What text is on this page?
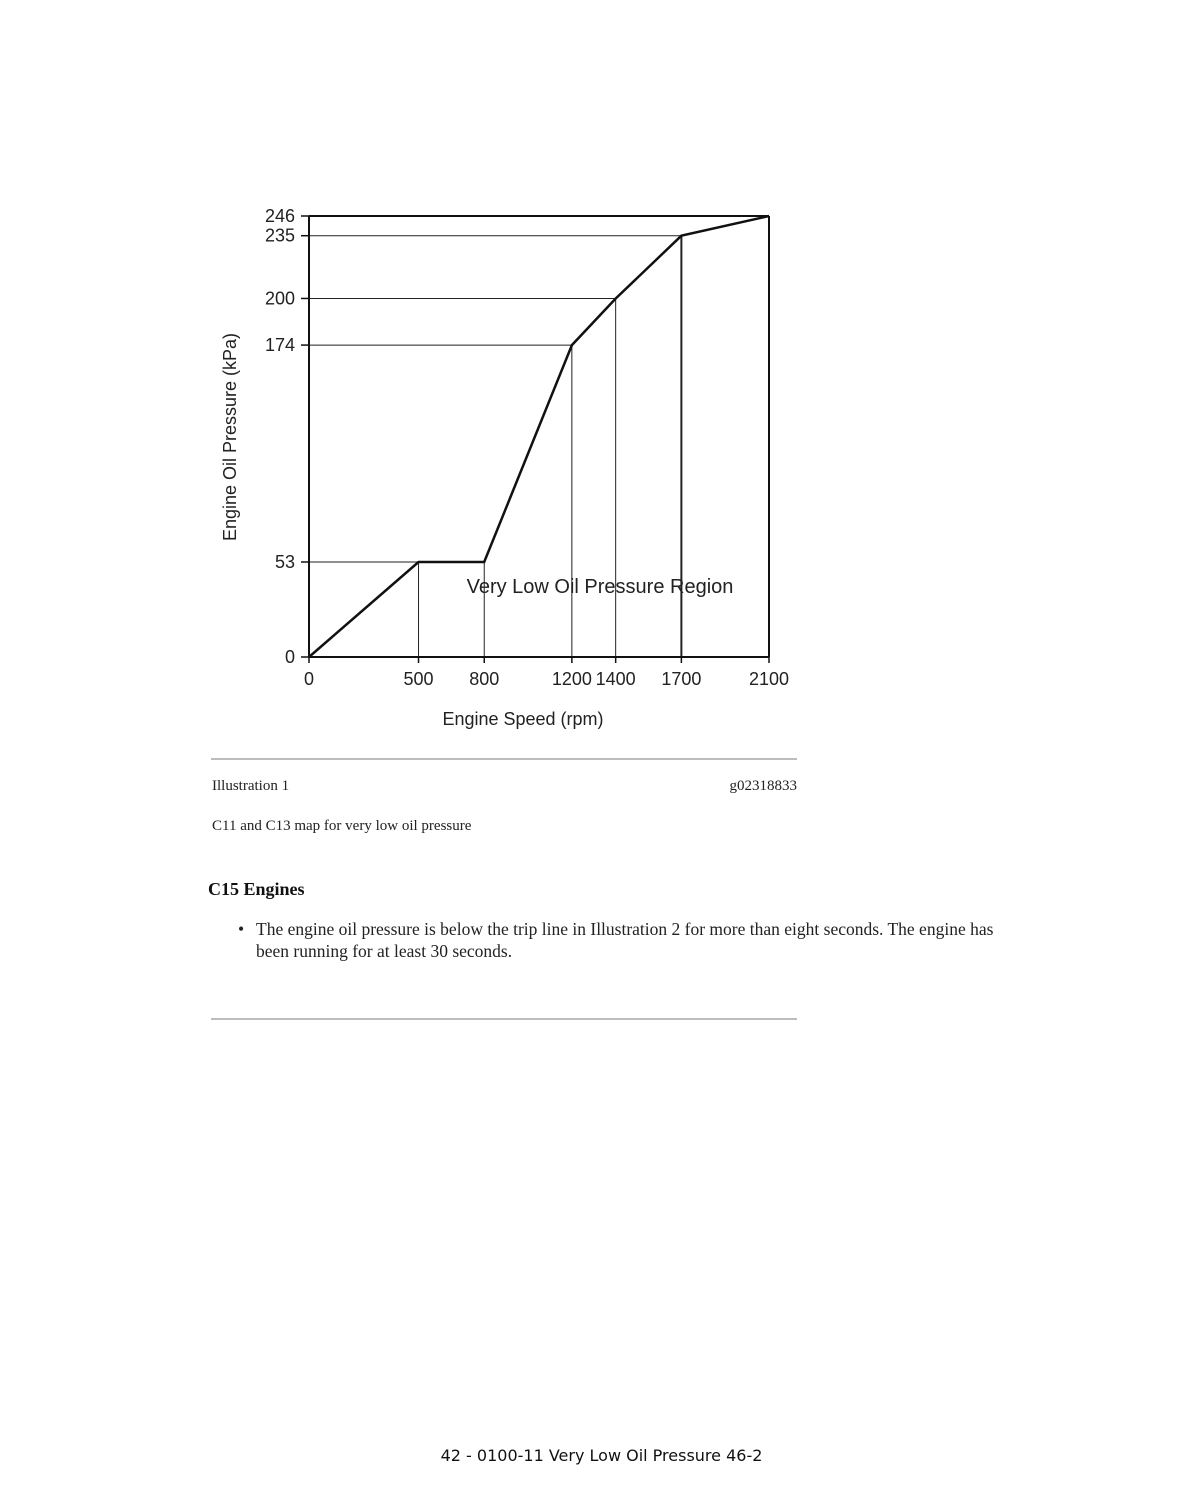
0
53
174
200
235
246
0	500 800	1200 1400 1700	2100
Engine Oil Pressure (kPa)
Engine Speed (rpm)
Very Low Oil Pressure Region
Illustration 1	g02318833
C11 and C13 map for very low oil pressure
C15 Engines
• The engine oil pressure is below the trip line in Illustration 2 for more than eight seconds. The engine has been running for at least 30 seconds.
42 - 0100-11 Very Low Oil Pressure 46-2
